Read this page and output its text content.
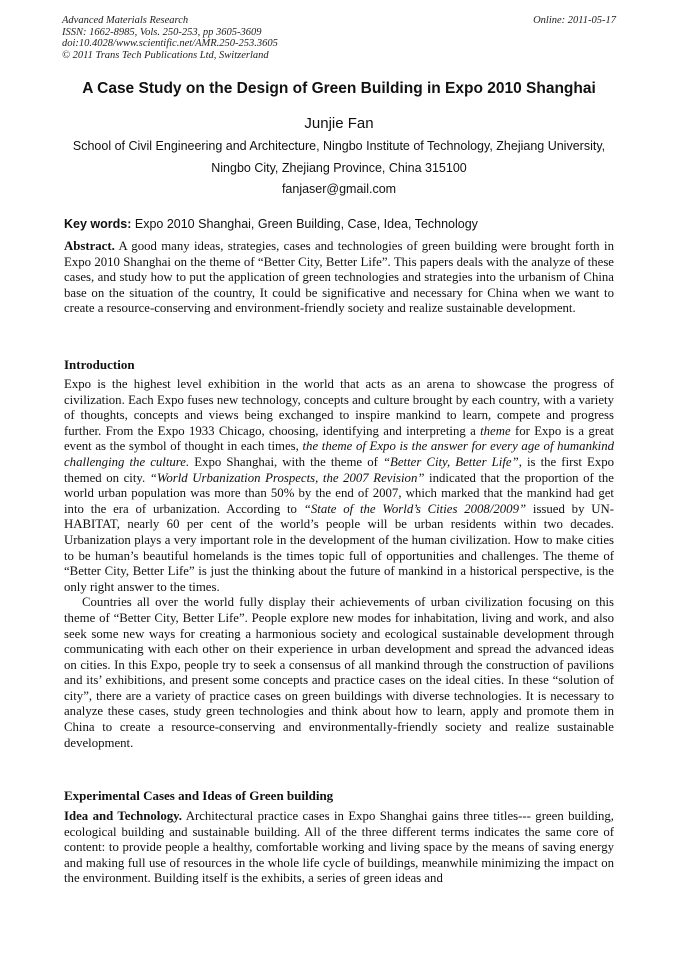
Advanced Materials Research
ISSN: 1662-8985, Vols. 250-253, pp 3605-3609
doi:10.4028/www.scientific.net/AMR.250-253.3605
© 2011 Trans Tech Publications Ltd, Switzerland
Online: 2011-05-17
A Case Study on the Design of Green Building in Expo 2010 Shanghai
Junjie Fan
School of Civil Engineering and Architecture, Ningbo Institute of Technology, Zhejiang University,
Ningbo City, Zhejiang Province, China 315100
fanjaser@gmail.com
Key words: Expo 2010 Shanghai, Green Building, Case, Idea, Technology
Abstract. A good many ideas, strategies, cases and technologies of green building were brought forth in Expo 2010 Shanghai on the theme of “Better City, Better Life”. This papers deals with the analyze of these cases, and study how to put the application of green technologies and strategies into the urbanism of China base on the situation of the country, It could be significative and necessary for China when we want to create a resource-conserving and environment-friendly society and realize sustainable development.
Introduction
Expo is the highest level exhibition in the world that acts as an arena to showcase the progress of civilization. Each Expo fuses new technology, concepts and culture brought by each country, with a variety of thoughts, concepts and views being exchanged to inspire mankind to learn, compete and progress further. From the Expo 1933 Chicago, choosing, identifying and interpreting a theme for Expo is a great event as the symbol of thought in each times, the theme of Expo is the answer for every age of humankind challenging the culture. Expo Shanghai, with the theme of “Better City, Better Life”, is the first Expo themed on city. “World Urbanization Prospects, the 2007 Revision” indicated that the proportion of the world urban population was more than 50% by the end of 2007, which marked that the mankind had get into the era of urbanization. According to “State of the World’s Cities 2008/2009” issued by UN-HABITAT, nearly 60 per cent of the world’s people will be urban residents within two decades. Urbanization plays a very important role in the development of the human civilization. How to make cities to be human’s beautiful homelands is the times topic full of opportunities and challenges. The theme of “Better City, Better Life” is just the thinking about the future of mankind in a historical perspective, is the only right answer to the times.
Countries all over the world fully display their achievements of urban civilization focusing on this theme of “Better City, Better Life”. People explore new modes for inhabitation, living and work, and also seek some new ways for creating a harmonious society and ecological sustainable development through communicating with each other on their experience in urban development and spread the advanced ideas on cities. In this Expo, people try to seek a consensus of all mankind through the construction of pavilions and its’ exhibitions, and present some concepts and practice cases on the ideal cities. In these “solution of city”, there are a variety of practice cases on green buildings with diverse technologies. It is necessary to analyze these cases, study green technologies and think about how to learn, apply and promote them in China to create a resource-conserving and environmentally-friendly society and realize sustainable development.
Experimental Cases and Ideas of Green building
Idea and Technology. Architectural practice cases in Expo Shanghai gains three titles--- green building, ecological building and sustainable building. All of the three different terms indicates the same core of content: to provide people a healthy, comfortable working and living space by the means of saving energy and making full use of resources in the whole life cycle of buildings, meanwhile minimizing the impact on the environment. Building itself is the exhibits, a series of green ideas and
